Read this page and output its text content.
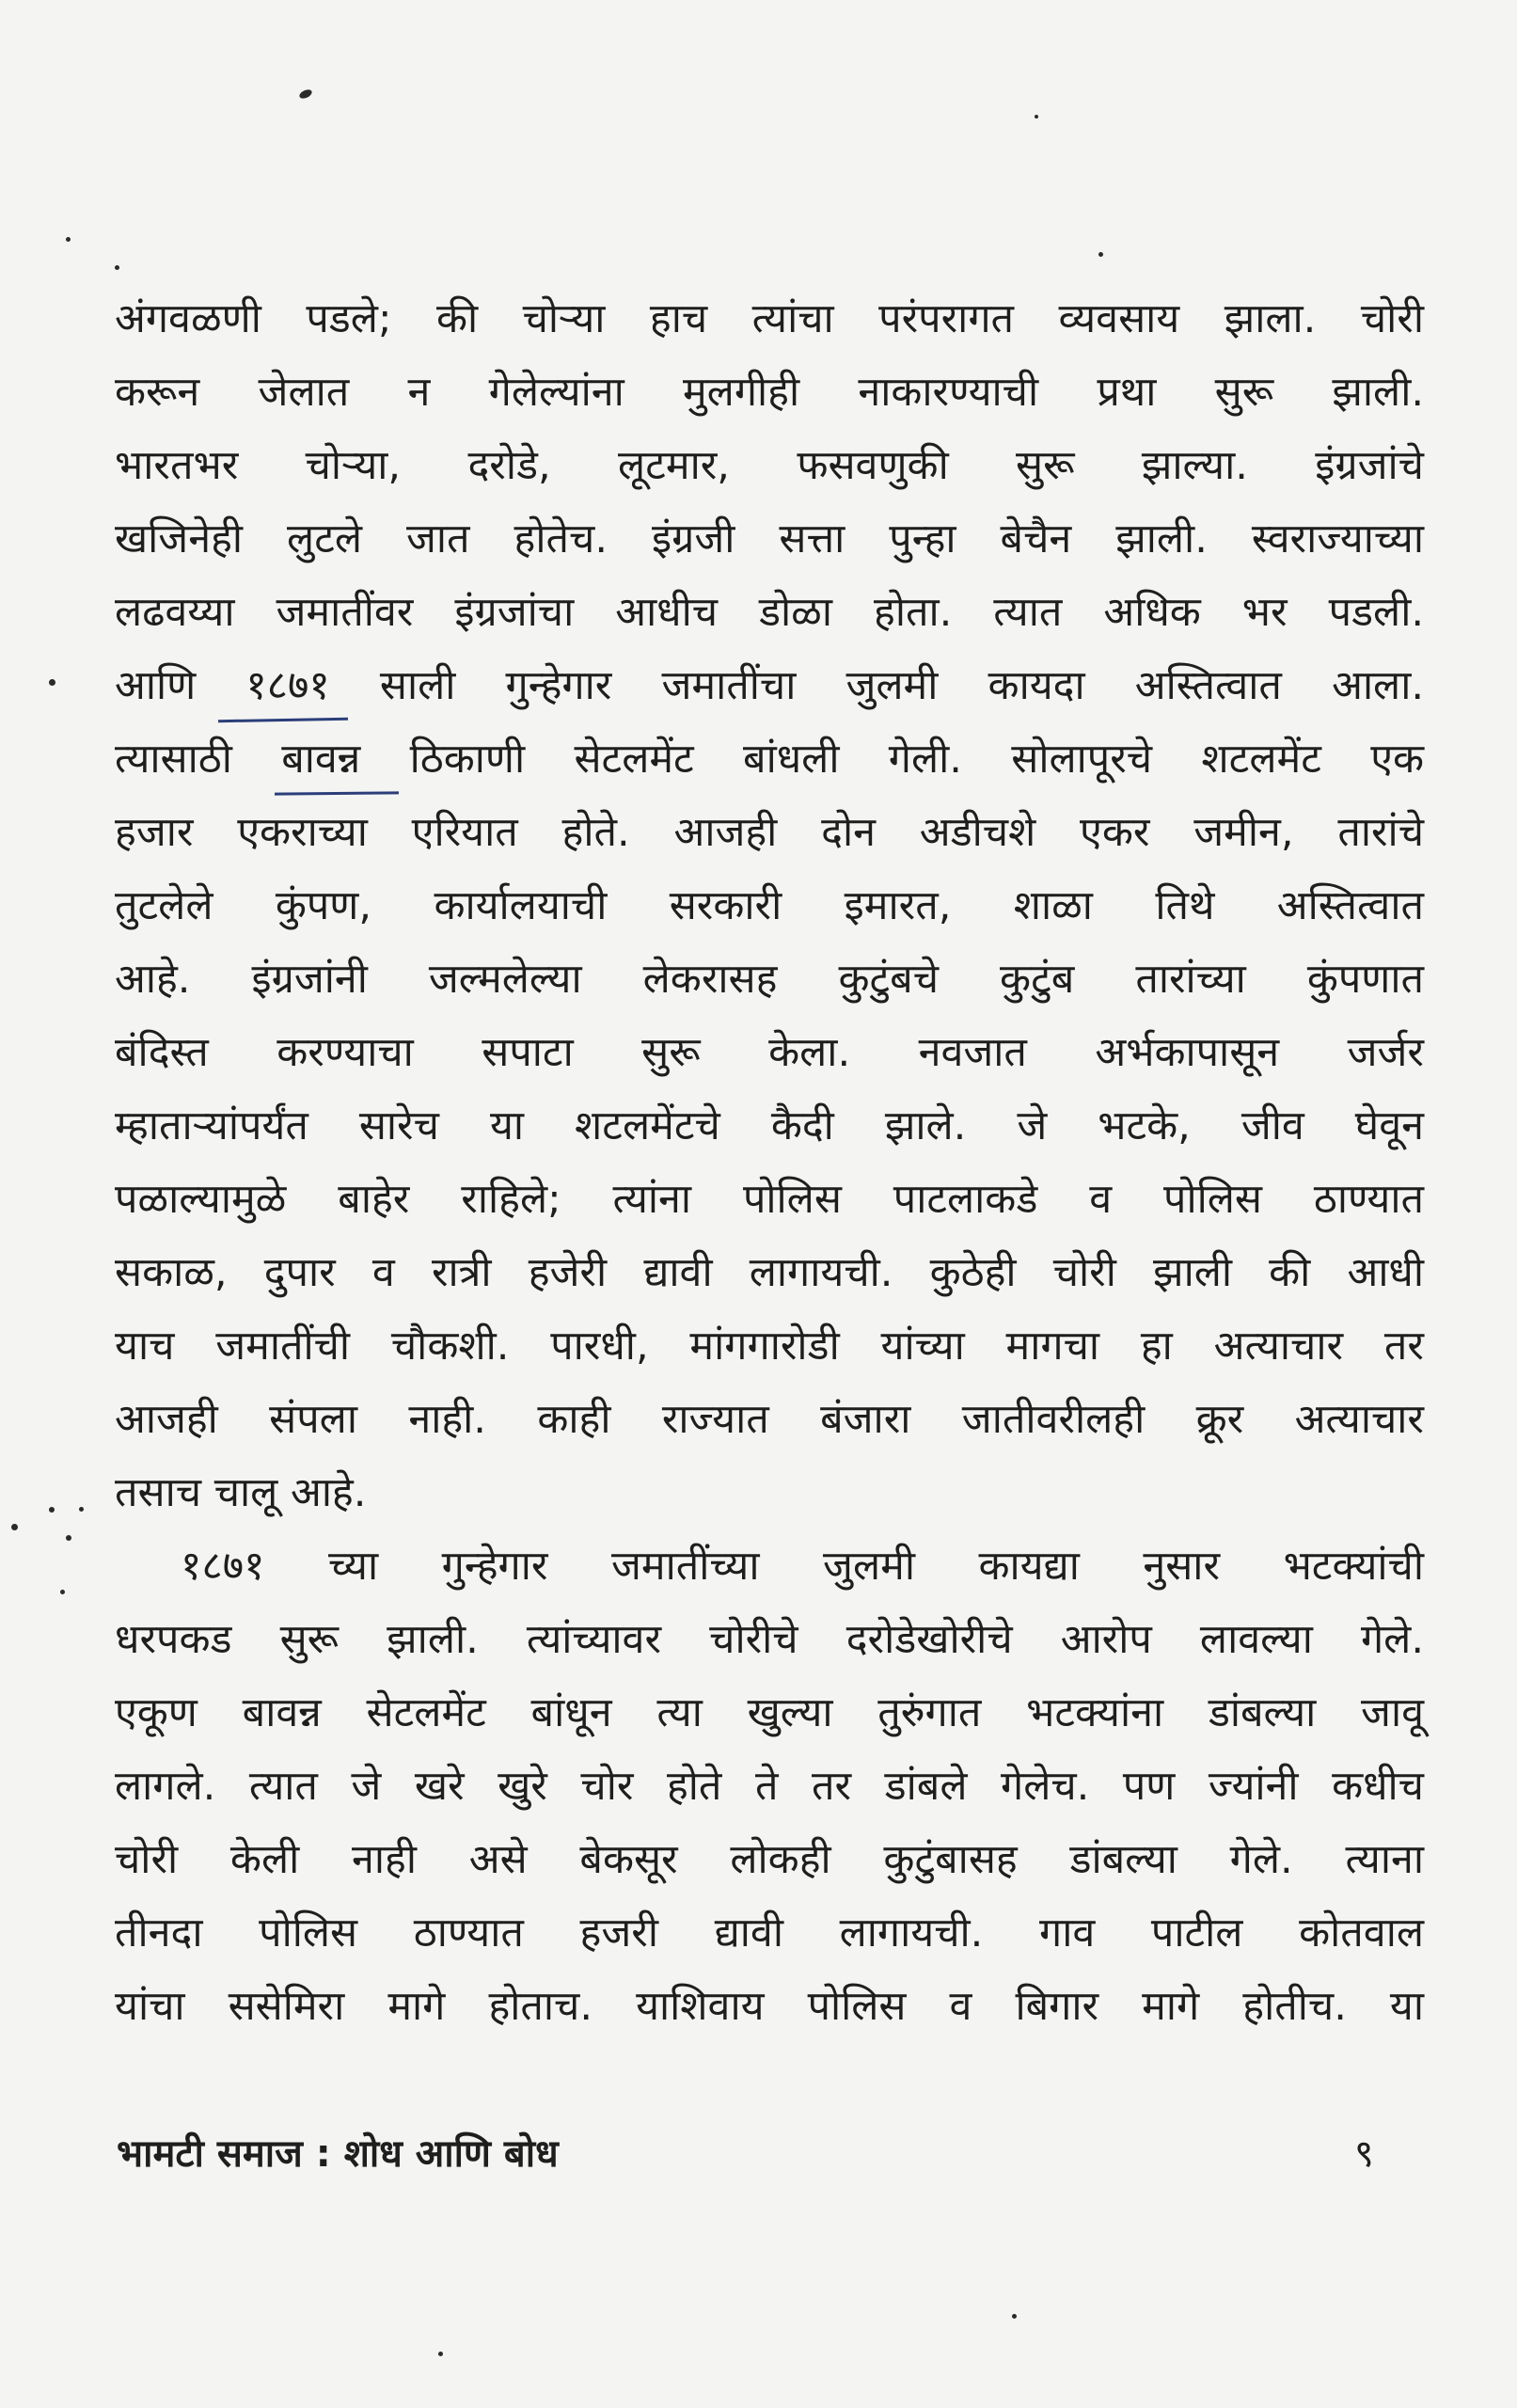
अंगवळणी पडले; की चोऱ्या हाच त्यांचा परंपरागत व्यवसाय झाला. चोरी
करून जेलात न गेलेल्यांना मुलगीही नाकारण्याची प्रथा सुरू झाली.
भारतभर चोऱ्या, दरोडे, लूटमार, फसवणुकी सुरू झाल्या. इंग्रजांचे
खजिनेही लुटले जात होतेच. इंग्रजी सत्ता पुन्हा बेचैन झाली. स्वराज्याच्या
लढवय्या जमातींवर इंग्रजांचा आधीच डोळा होता. त्यात अधिक भर पडली.
आणि १८७१ साली गुन्हेगार जमातींचा जुलमी कायदा अस्तित्वात आला.
त्यासाठी बावन्न ठिकाणी सेटलमेंट बांधली गेली. सोलापूरचे शटलमेंट एक
हजार एकराच्या एरियात होते. आजही दोन अडीचशे एकर जमीन, तारांचे
तुटलेले कुंपण, कार्यालयाची सरकारी इमारत, शाळा तिथे अस्तित्वात
आहे. इंग्रजांनी जल्मलेल्या लेकरासह कुटुंबचे कुटुंब तारांच्या कुंपणात
बंदिस्त करण्याचा सपाटा सुरू केला. नवजात अर्भकापासून जर्जर
म्हाताऱ्यांपर्यंत सारेच या शटलमेंटचे कैदी झाले. जे भटके, जीव घेवून
पळाल्यामुळे बाहेर राहिले; त्यांना पोलिस पाटलाकडे व पोलिस ठाण्यात
सकाळ, दुपार व रात्री हजेरी द्यावी लागायची. कुठेही चोरी झाली की आधी
याच जमातींची चौकशी. पारधी, मांगगारोडी यांच्या मागचा हा अत्याचार तर
आजही संपला नाही. काही राज्यात बंजारा जातीवरीलही क्रूर अत्याचार
तसाच चालू आहे.
१८७१ च्या गुन्हेगार जमातींच्या जुलमी कायद्या नुसार भटक्यांची
धरपकड सुरू झाली. त्यांच्यावर चोरीचे दरोडेखोरीचे आरोप लावल्या गेले.
एकूण बावन्न सेटलमेंट बांधून त्या खुल्या तुरुंगात भटक्यांना डांबल्या जावू
लागले. त्यात जे खरे खुरे चोर होते ते तर डांबले गेलेच. पण ज्यांनी कधीच
चोरी केली नाही असे बेकसूर लोकही कुटुंबासह डांबल्या गेले. त्याना
तीनदा पोलिस ठाण्यात हजरी द्यावी लागायची. गाव पाटील कोतवाल
यांचा ससेमिरा मागे होताच. याशिवाय पोलिस व बिगार मागे होतीच. या
भामटी समाज : शोध आणि बोध	९
